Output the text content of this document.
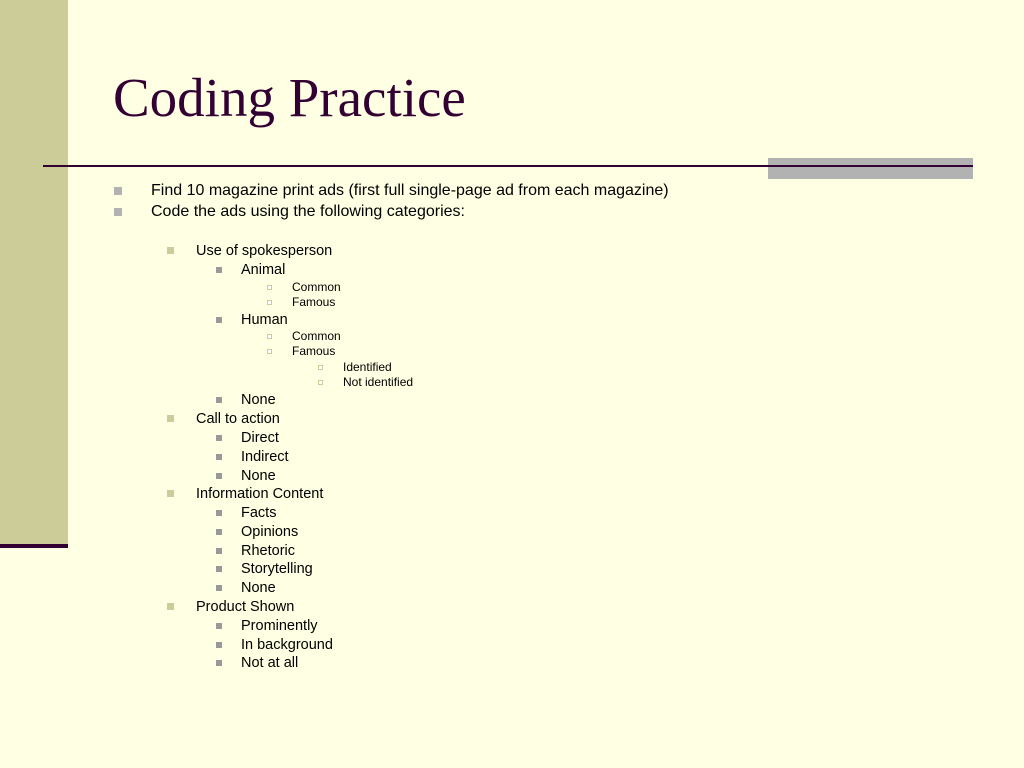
Coding Practice
Find 10 magazine print ads (first full single-page ad from each magazine)
Code the ads using the following categories:
Use of spokesperson
Animal
Common
Famous
Human
Common
Famous
Identified
Not identified
None
Call to action
Direct
Indirect
None
Information Content
Facts
Opinions
Rhetoric
Storytelling
None
Product Shown
Prominently
In background
Not at all
